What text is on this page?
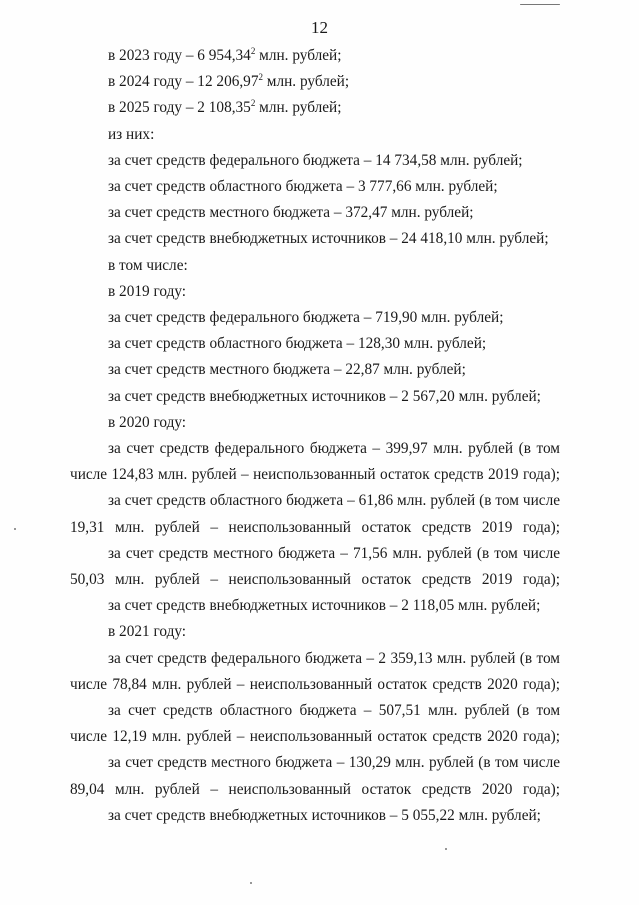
12
в 2023 году – 6 954,34$^2$ млн. рублей;
в 2024 году – 12 206,97$^2$ млн. рублей;
в 2025 году – 2 108,35$^2$ млн. рублей;
из них:
за счет средств федерального бюджета – 14 734,58 млн. рублей;
за счет средств областного бюджета – 3 777,66 млн. рублей;
за счет средств местного бюджета – 372,47 млн. рублей;
за счет средств внебюджетных источников – 24 418,10 млн. рублей;
в том числе:
в 2019 году:
за счет средств федерального бюджета – 719,90 млн. рублей;
за счет средств областного бюджета – 128,30 млн. рублей;
за счет средств местного бюджета – 22,87 млн. рублей;
за счет средств внебюджетных источников – 2 567,20 млн. рублей;
в 2020 году:
за счет средств федерального бюджета – 399,97 млн. рублей (в том
числе 124,83 млн. рублей – неиспользованный остаток средств 2019 года);
за счет средств областного бюджета – 61,86 млн. рублей (в том числе
19,31 млн. рублей – неиспользованный остаток средств 2019 года);
за счет средств местного бюджета – 71,56 млн. рублей (в том числе
50,03 млн. рублей – неиспользованный остаток средств 2019 года);
за счет средств внебюджетных источников – 2 118,05 млн. рублей;
в 2021 году:
за счет средств федерального бюджета – 2 359,13 млн. рублей (в том
числе 78,84 млн. рублей – неиспользованный остаток средств 2020 года);
за счет средств областного бюджета – 507,51 млн. рублей (в том
числе 12,19 млн. рублей – неиспользованный остаток средств 2020 года);
за счет средств местного бюджета – 130,29 млн. рублей (в том числе
89,04 млн. рублей – неиспользованный остаток средств 2020 года);
за счет средств внебюджетных источников – 5 055,22 млн. рублей;
